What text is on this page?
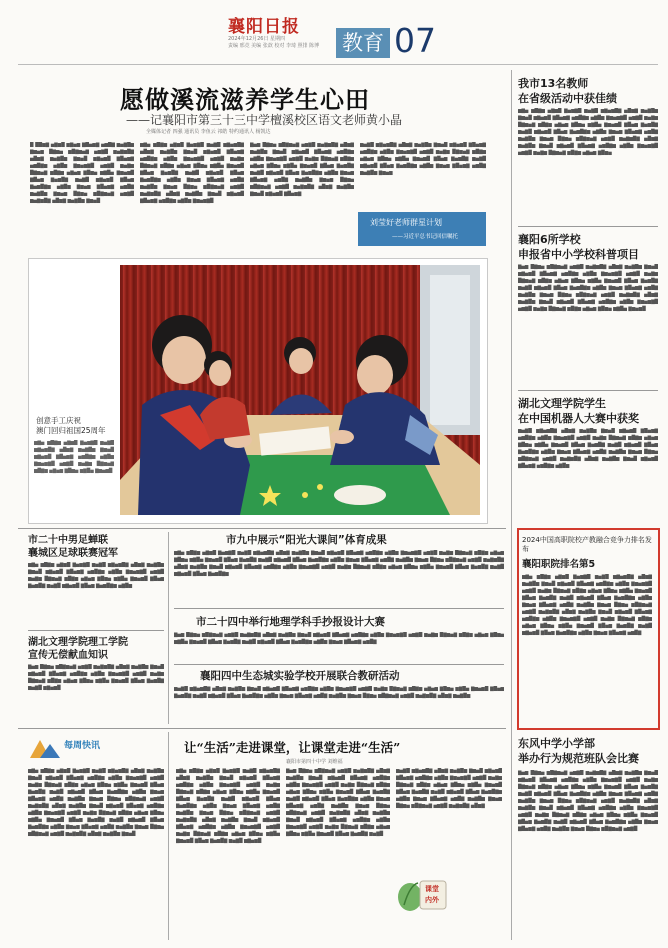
襄阳日报
2024年12月26日 星期四
责编 邢竞 美编 张歆 校对 李琦 照排 陈博	教育 07
愿做溪流滋养学生心田
——记襄阳市第三十三中学檀溪校区语文老师黄小晶
全媒体记者 四强 通讯员 李鱼云 祁皓 特约通讯人 杨凯达
█ ██▆▇ ▅▇▆█ ▆▇▅▆ ▇█▅▆▇ ▅▆█▇ ▆▅▇█▆ ▇▆▅▆ █▇▆▅ ▆█▇▆▅▇ ▅▆▇█ ▆▅▇▆█▇ ▅█▆▇ ▆▅▇█▆ ▇▆▅█ ▆▇▅▆█ ▇█▅▆▇ ▅▆█▇▆ ▅▇█▆ ▇▆▅▆▇█ ▅▆▇█ ▆▅▇▆ █▇▆▅▇ ▆█▇▆ ▅▇▅▆ ▇█▆▅ ▆▇█▅ ▇▆▅▆█ ▇█▅▆ ▇▅▆█▇ ▆▅▇█ ▆▇▅▆█ ▇█▅▆ ▇▅▆█▇▆ ▅▇█▆ ▇▆▅▆ ▇█▅▆▇ ▅▆█▇ ▆▅▇█▆ ▇▆▅▆ █▇▆▅ ▆█▇▆▅▇ ▅▆▇█ ▆▅▇▆█▇ ▅█▆▇ ▆▅▇█▆ ▇▆▅█
▆▇▅ ▆█▇▆ ▅▇▆█ ▇▅▆▇█ ▆▅▇█ ▆▇▅▆█▇ ▅█▆▇ ▆▅▇█▆ ▇▆▅█ ▆▇▅▆█ ▇█▅▆▇ ▅▆█▇▆ ▅▇█▆ ▇▆▅▆▇█ ▅▆▇█ ▆▅▇▆ █▇▆▅▇ ▆█▇▆ ▅▇▅▆ ▇█▆▅ ▆▇█▅ ▇▆▅▆█ ▇█▅▆ ▇▅▆█▇ ▆▅▇█ ▆▇▅▆█ ▇█▅▆ ▇▅▆█▇▆ ▅▇█▆ ▇▆▅▆ ▇█▅▆▇ ▅▆█▇ ▆▅▇█▆ ▇▆▅▆ █▇▆▅ ▆█▇▆▅▇ ▅▆▇█ ▆▅▇▆█▇ ▅█▆▇ ▆▅▇█▆ ▇▆▅█ ▆▇▅▆█ ▇█▅▆▇ ▅▆█▇▆ ▅▇█▆ ▇▆▅▆▇█
▇▅▆ █▇▆▅ ▆█▇▆▅▇ ▅▆▇█ ▆▅▇▆█▇ ▅█▆▇ ▆▅▇█▆ ▇▆▅█ ▆▇▅▆█ ▇█▅▆▇ ▅▆█▇▆ ▅▇█▆ ▇▆▅▆▇█ ▅▆▇█ ▆▅▇▆ █▇▆▅▇ ▆█▇▆ ▅▇▅▆ ▇█▆▅ ▆▇█▅ ▇▆▅▆█ ▇█▅▆ ▇▅▆█▇ ▆▅▇█ ▆▇▅▆█ ▇█▅▆ ▇▅▆█▇▆ ▅▇█▆ ▇▆▅▆ ▇█▅▆▇ ▅▆█▇ ▆▅▇█▆ ▇▆▅▆ █▇▆▅ ▆█▇▆▅▇ ▅▆▇█ ▆▅▇▆█▇ ▅█▆▇ ▆▅▇█▆ ▇▆▅█ ▆▇▅▆█ ▇█▅▆▇
▆▅▇█ ▆▇▅▆█▇ ▅█▆▇ ▆▅▇█▆ ▇▆▅█ ▆▇▅▆█ ▇█▅▆▇ ▅▆█▇▆ ▅▇█▆ ▇▆▅▆▇█ ▅▆▇█ ▆▅▇▆ █▇▆▅▇ ▆█▇▆ ▅▇▅▆ ▇█▆▅ ▆▇█▅ ▇▆▅▆█ ▇█▅▆ ▇▅▆█▇ ▆▅▇█ ▆▇▅▆█ ▇█▅▆ ▇▅▆█▇▆ ▅▇█▆ ▇▆▅▆ ▇█▅▆▇ ▅▆█▇ ▆▅▇█▆ ▇▆▅▆
刘莹好老师群星计划
——习近平总书记回信嘱托
▆▇▅ ▆█▇▆ ▅▇▆█ ▇▅▆▇█ ▆▅▇█ ▆▇▅▆█▇ ▅█▆▇ ▆▅▇█▆ ▇▆▅█ ▆▇▅▆█ ▇█▅▆▇ ▅▆█▇▆ ▅▇█▆ ▇▆▅▆▇█ ▅▆▇█ ▆▅▇▆ █▇▆▅▇ ▆█▇▆ ▅▇▅▆ ▇█▆▅ ▆▇█▅ ▇▆▅▆█
创意手工庆祝
澳门回归祖国25周年
我市13名教师
在省级活动中获佳绩
▆▇▅ ▆█▇▆ ▅▇▆█ ▇▅▆▇█ ▆▅▇█ ▆▇▅▆█▇ ▅█▆▇ ▆▅▇█▆ ▇▆▅█ ▆▇▅▆█ ▇█▅▆▇ ▅▆█▇▆ ▅▇█▆ ▇▆▅▆▇█ ▅▆▇█ ▆▅▇▆ █▇▆▅▇ ▆█▇▆ ▅▇▅▆ ▇█▆▅ ▆▇█▅ ▇▆▅▆█ ▇█▅▆ ▇▅▆█▇ ▆▅▇█ ▆▇▅▆█ ▇█▅▆ ▇▅▆█▇▆ ▅▇█▆ ▇▆▅▆ ▇█▅▆▇ ▅▆█▇ ▆▅▇█▆ ▇▆▅▆ █▇▆▅ ▆█▇▆▅▇ ▅▆▇█ ▆▅▇▆█▇ ▅█▆▇ ▆▅▇█▆ ▇▆▅█ ▆▇▅▆█ ▇█▅▆▇ ▅▆█▇▆ ▅▇█▆ ▇▆▅▆▇█ ▅▆▇█ ▆▅▇▆ █▇▆▅▇ ▆█▇▆ ▅▇▅▆ ▇█▆▅
襄阳6所学校
申报省中小学校科普项目
▇▅▆ █▇▆▅ ▆█▇▆▅▇ ▅▆▇█ ▆▅▇▆█▇ ▅█▆▇ ▆▅▇█▆ ▇▆▅█ ▆▇▅▆█ ▇█▅▆▇ ▅▆█▇▆ ▅▇█▆ ▇▆▅▆▇█ ▅▆▇█ ▆▅▇▆ █▇▆▅▇ ▆█▇▆ ▅▇▅▆ ▇█▆▅ ▆▇█▅ ▇▆▅▆█ ▇█▅▆ ▇▅▆█▇ ▆▅▇█ ▆▇▅▆█ ▇█▅▆ ▇▅▆█▇▆ ▅▇█▆ ▇▆▅▆ ▇█▅▆▇ ▅▆█▇ ▆▅▇█▆ ▇▆▅▆ █▇▆▅ ▆█▇▆▅▇ ▅▆▇█ ▆▅▇▆█▇ ▅█▆▇ ▆▅▇█▆ ▇▆▅█ ▆▇▅▆█ ▇█▅▆▇ ▅▆█▇▆ ▅▇█▆ ▇▆▅▆▇█ ▅▆▇█ ▆▅▇▆ █▇▆▅▇ ▆█▇▆ ▅▇▅▆ ▇█▆▅ ▆▇█▅ ▇▆▅▆█
湖北文理学院学生
在中国机器人大赛中获奖
▆▅▇█ ▆▇▅▆█▇ ▅█▆▇ ▆▅▇█▆ ▇▆▅█ ▆▇▅▆█ ▇█▅▆▇ ▅▆█▇▆ ▅▇█▆ ▇▆▅▆▇█ ▅▆▇█ ▆▅▇▆ █▇▆▅▇ ▆█▇▆ ▅▇▅▆ ▇█▆▅ ▆▇█▅ ▇▆▅▆█ ▇█▅▆ ▇▅▆█▇ ▆▅▇█ ▆▇▅▆█ ▇█▅▆ ▇▅▆█▇▆ ▅▇█▆ ▇▆▅▆ ▇█▅▆▇ ▅▆█▇ ▆▅▇█▆ ▇▆▅▆ █▇▆▅ ▆█▇▆▅▇ ▅▆▇█ ▆▅▇▆█▇ ▅█▆▇ ▆▅▇█▆ ▇▆▅█ ▆▇▅▆█ ▇█▅▆▇ ▅▆█▇▆ ▅▇█▆
2024中国高职院校产教融合竞争力排名发布
襄阳职院排名第5
▆▇▅ ▆█▇▆ ▅▇▆█ ▇▅▆▇█ ▆▅▇█ ▆▇▅▆█▇ ▅█▆▇ ▆▅▇█▆ ▇▆▅█ ▆▇▅▆█ ▇█▅▆▇ ▅▆█▇▆ ▅▇█▆ ▇▆▅▆▇█ ▅▆▇█ ▆▅▇▆ █▇▆▅▇ ▆█▇▆ ▅▇▅▆ ▇█▆▅ ▆▇█▅ ▇▆▅▆█ ▇█▅▆ ▇▅▆█▇ ▆▅▇█ ▆▇▅▆█ ▇█▅▆ ▇▅▆█▇▆ ▅▇█▆ ▇▆▅▆ ▇█▅▆▇ ▅▆█▇ ▆▅▇█▆ ▇▆▅▆ █▇▆▅ ▆█▇▆▅▇ ▅▆▇█ ▆▅▇▆█▇ ▅█▆▇ ▆▅▇█▆ ▇▆▅█ ▆▇▅▆█ ▇█▅▆▇ ▅▆█▇▆ ▅▇█▆ ▇▆▅▆▇█ ▅▆▇█ ▆▅▇▆ █▇▆▅▇ ▆█▇▆ ▅▇▅▆ ▇█▆▅ ▆▇█▅ ▇▆▅▆█ ▇█▅▆ ▇▅▆█▇ ▆▅▇█ ▆▇▅▆█ ▇█▅▆ ▇▅▆█▇▆ ▅▇█▆ ▇▆▅▆ ▇█▅▆▇ ▅▆█▇
东风中学小学部
举办行为规范班队会比赛
▇▅▆ █▇▆▅ ▆█▇▆▅▇ ▅▆▇█ ▆▅▇▆█▇ ▅█▆▇ ▆▅▇█▆ ▇▆▅█ ▆▇▅▆█ ▇█▅▆▇ ▅▆█▇▆ ▅▇█▆ ▇▆▅▆▇█ ▅▆▇█ ▆▅▇▆ █▇▆▅▇ ▆█▇▆ ▅▇▅▆ ▇█▆▅ ▆▇█▅ ▇▆▅▆█ ▇█▅▆ ▇▅▆█▇ ▆▅▇█ ▆▇▅▆█ ▇█▅▆ ▇▅▆█▇▆ ▅▇█▆ ▇▆▅▆ ▇█▅▆▇ ▅▆█▇ ▆▅▇█▆ ▇▆▅▆ █▇▆▅ ▆█▇▆▅▇ ▅▆▇█ ▆▅▇▆█▇ ▅█▆▇ ▆▅▇█▆ ▇▆▅█ ▆▇▅▆█ ▇█▅▆▇ ▅▆█▇▆ ▅▇█▆ ▇▆▅▆▇█ ▅▆▇█ ▆▅▇▆ █▇▆▅▇ ▆█▇▆ ▅▇▅▆ ▇█▆▅ ▆▇█▅ ▇▆▅▆█ ▇█▅▆ ▇▅▆█▇ ▆▅▇█ ▆▇▅▆█ ▇█▅▆ ▇▅▆█▇▆ ▅▇█▆ ▇▆▅▆ ▇█▅▆▇ ▅▆█▇ ▆▅▇█▆ ▇▆▅▆ █▇▆▅ ▆█▇▆▅▇ ▅▆▇█
市二十中男足蝉联
襄城区足球联赛冠军
▆▇▅ ▆█▇▆ ▅▇▆█ ▇▅▆▇█ ▆▅▇█ ▆▇▅▆█▇ ▅█▆▇ ▆▅▇█▆ ▇▆▅█ ▆▇▅▆█ ▇█▅▆▇ ▅▆█▇▆ ▅▇█▆ ▇▆▅▆▇█ ▅▆▇█ ▆▅▇▆ █▇▆▅▇ ▆█▇▆ ▅▇▅▆ ▇█▆▅ ▆▇█▅ ▇▆▅▆█ ▇█▅▆ ▇▅▆█▇ ▆▅▇█ ▆▇▅▆█ ▇█▅▆ ▇▅▆█▇▆ ▅▇█▆
湖北文理学院理工学院
宣传无偿献血知识
▇▅▆ █▇▆▅ ▆█▇▆▅▇ ▅▆▇█ ▆▅▇▆█▇ ▅█▆▇ ▆▅▇█▆ ▇▆▅█ ▆▇▅▆█ ▇█▅▆▇ ▅▆█▇▆ ▅▇█▆ ▇▆▅▆▇█ ▅▆▇█ ▆▅▇▆ █▇▆▅▇ ▆█▇▆ ▅▇▅▆ ▇█▆▅ ▆▇█▅ ▇▆▅▆█ ▇█▅▆ ▇▅▆█▇ ▆▅▇█ ▆▇▅▆█
市九中展示“阳光大课间”体育成果
▆▇▅ ▆█▇▆ ▅▇▆█ ▇▅▆▇█ ▆▅▇█ ▆▇▅▆█▇ ▅█▆▇ ▆▅▇█▆ ▇▆▅█ ▆▇▅▆█ ▇█▅▆▇ ▅▆█▇▆ ▅▇█▆ ▇▆▅▆▇█ ▅▆▇█ ▆▅▇▆ █▇▆▅▇ ▆█▇▆ ▅▇▅▆ ▇█▆▅ ▆▇█▅ ▇▆▅▆█ ▇█▅▆ ▇▅▆█▇ ▆▅▇█ ▆▇▅▆█ ▇█▅▆ ▇▅▆█▇▆ ▅▇█▆ ▇▆▅▆ ▇█▅▆▇ ▅▆█▇ ▆▅▇█▆ ▇▆▅▆ █▇▆▅ ▆█▇▆▅▇ ▅▆▇█ ▆▅▇▆█▇ ▅█▆▇ ▆▅▇█▆ ▇▆▅█ ▆▇▅▆█ ▇█▅▆▇ ▅▆█▇▆ ▅▇█▆ ▇▆▅▆▇█ ▅▆▇█ ▆▅▇▆ █▇▆▅▇ ▆█▇▆ ▅▇▅▆ ▇█▆▅ ▆▇█▅ ▇▆▅▆█ ▇█▅▆ ▇▅▆█▇ ▆▅▇█ ▆▇▅▆█ ▇█▅▆ ▇▅▆█▇▆
市二十四中举行地理学科手抄报设计大赛
▇▅▆ █▇▆▅ ▆█▇▆▅▇ ▅▆▇█ ▆▅▇▆█▇ ▅█▆▇ ▆▅▇█▆ ▇▆▅█ ▆▇▅▆█ ▇█▅▆▇ ▅▆█▇▆ ▅▇█▆ ▇▆▅▆▇█ ▅▆▇█ ▆▅▇▆ █▇▆▅▇ ▆█▇▆ ▅▇▅▆ ▇█▆▅ ▆▇█▅ ▇▆▅▆█ ▇█▅▆ ▇▅▆█▇ ▆▅▇█ ▆▇▅▆█ ▇█▅▆ ▇▅▆█▇▆ ▅▇█▆ ▇▆▅▆ ▇█▅▆▇ ▅▆█▇
襄阳四中生态城实验学校开展联合教研活动
▆▅▇█ ▆▇▅▆█▇ ▅█▆▇ ▆▅▇█▆ ▇▆▅█ ▆▇▅▆█ ▇█▅▆▇ ▅▆█▇▆ ▅▇█▆ ▇▆▅▆▇█ ▅▆▇█ ▆▅▇▆ █▇▆▅▇ ▆█▇▆ ▅▇▅▆ ▇█▆▅ ▆▇█▅ ▇▆▅▆█ ▇█▅▆ ▇▅▆█▇ ▆▅▇█ ▆▇▅▆█ ▇█▅▆ ▇▅▆█▇▆ ▅▇█▆ ▇▆▅▆ ▇█▅▆▇ ▅▆█▇ ▆▅▇█▆ ▇▆▅▆ █▇▆▅ ▆█▇▆▅▇ ▅▆▇█ ▆▅▇▆█▇ ▅█▆▇ ▆▅▇█▆
每周快讯
▆▇▅ ▆█▇▆ ▅▇▆█ ▇▅▆▇█ ▆▅▇█ ▆▇▅▆█▇ ▅█▆▇ ▆▅▇█▆ ▇▆▅█ ▆▇▅▆█ ▇█▅▆▇ ▅▆█▇▆ ▅▇█▆ ▇▆▅▆▇█ ▅▆▇█ ▆▅▇▆ █▇▆▅▇ ▆█▇▆ ▅▇▅▆ ▇█▆▅ ▆▇█▅ ▇▆▅▆█ ▇█▅▆ ▇▅▆█▇ ▆▅▇█ ▆▇▅▆█ ▇█▅▆ ▇▅▆█▇▆ ▅▇█▆ ▇▆▅▆ ▇█▅▆▇ ▅▆█▇ ▆▅▇█▆ ▇▆▅▆ █▇▆▅ ▆█▇▆▅▇ ▅▆▇█ ▆▅▇▆█▇ ▅█▆▇ ▆▅▇█▆ ▇▆▅█ ▆▇▅▆█ ▇█▅▆▇ ▅▆█▇▆ ▅▇█▆ ▇▆▅▆▇█ ▅▆▇█ ▆▅▇▆ █▇▆▅▇ ▆█▇▆ ▅▇▅▆ ▇█▆▅ ▆▇█▅ ▇▆▅▆█ ▇█▅▆ ▇▅▆█▇ ▆▅▇█ ▆▇▅▆█ ▇█▅▆ ▇▅▆█▇▆ ▅▇█▆ ▇▆▅▆ ▇█▅▆▇ ▅▆█▇ ▆▅▇█▆ ▇▆▅▆ █▇▆▅ ▆█▇▆▅▇ ▅▆▇█ ▆▅▇▆█▇ ▅█▆▇ ▆▅▇█▆ ▇▆▅█
让“生活”走进课堂，让课堂走进“生活”
襄阳市第四十中学 刘维福
▆▇▅ ▆█▇▆ ▅▇▆█ ▇▅▆▇█ ▆▅▇█ ▆▇▅▆█▇ ▅█▆▇ ▆▅▇█▆ ▇▆▅█ ▆▇▅▆█ ▇█▅▆▇ ▅▆█▇▆ ▅▇█▆ ▇▆▅▆▇█ ▅▆▇█ ▆▅▇▆ █▇▆▅▇ ▆█▇▆ ▅▇▅▆ ▇█▆▅ ▆▇█▅ ▇▆▅▆█ ▇█▅▆ ▇▅▆█▇ ▆▅▇█ ▆▇▅▆█ ▇█▅▆ ▇▅▆█▇▆ ▅▇█▆ ▇▆▅▆ ▇█▅▆▇ ▅▆█▇ ▆▅▇█▆ ▇▆▅▆ █▇▆▅ ▆█▇▆▅▇ ▅▆▇█ ▆▅▇▆█▇ ▅█▆▇ ▆▅▇█▆ ▇▆▅█ ▆▇▅▆█ ▇█▅▆▇ ▅▆█▇▆ ▅▇█▆ ▇▆▅▆▇█ ▅▆▇█ ▆▅▇▆ █▇▆▅▇ ▆█▇▆ ▅▇▅▆ ▇█▆▅ ▆▇█▅ ▇▆▅▆█ ▇█▅▆ ▇▅▆█▇ ▆▅▇█ ▆▇▅▆█
▇▅▆ █▇▆▅ ▆█▇▆▅▇ ▅▆▇█ ▆▅▇▆█▇ ▅█▆▇ ▆▅▇█▆ ▇▆▅█ ▆▇▅▆█ ▇█▅▆▇ ▅▆█▇▆ ▅▇█▆ ▇▆▅▆▇█ ▅▆▇█ ▆▅▇▆ █▇▆▅▇ ▆█▇▆ ▅▇▅▆ ▇█▆▅ ▆▇█▅ ▇▆▅▆█ ▇█▅▆ ▇▅▆█▇ ▆▅▇█ ▆▇▅▆█ ▇█▅▆ ▇▅▆█▇▆ ▅▇█▆ ▇▆▅▆ ▇█▅▆▇ ▅▆█▇ ▆▅▇█▆ ▇▆▅▆ █▇▆▅ ▆█▇▆▅▇ ▅▆▇█ ▆▅▇▆█▇ ▅█▆▇ ▆▅▇█▆ ▇▆▅█ ▆▇▅▆█ ▇█▅▆▇ ▅▆█▇▆ ▅▇█▆ ▇▆▅▆▇█ ▅▆▇█ ▆▅▇▆ █▇▆▅▇ ▆█▇▆ ▅▇▅▆ ▇█▆▅ ▆▇█▅ ▇▆▅▆█ ▇█▅▆ ▇▅▆█▇ ▆▅▇█
▆▅▇█ ▆▇▅▆█▇ ▅█▆▇ ▆▅▇█▆ ▇▆▅█ ▆▇▅▆█ ▇█▅▆▇ ▅▆█▇▆ ▅▇█▆ ▇▆▅▆▇█ ▅▆▇█ ▆▅▇▆ █▇▆▅▇ ▆█▇▆ ▅▇▅▆ ▇█▆▅ ▆▇█▅ ▇▆▅▆█ ▇█▅▆ ▇▅▆█▇ ▆▅▇█ ▆▇▅▆█ ▇█▅▆ ▇▅▆█▇▆ ▅▇█▆ ▇▆▅▆ ▇█▅▆▇ ▅▆█▇ ▆▅▇█▆ ▇▆▅▆ █▇▆▅ ▆█▇▆▅▇ ▅▆▇█ ▆▅▇▆█▇ ▅█▆▇
课堂
内外
